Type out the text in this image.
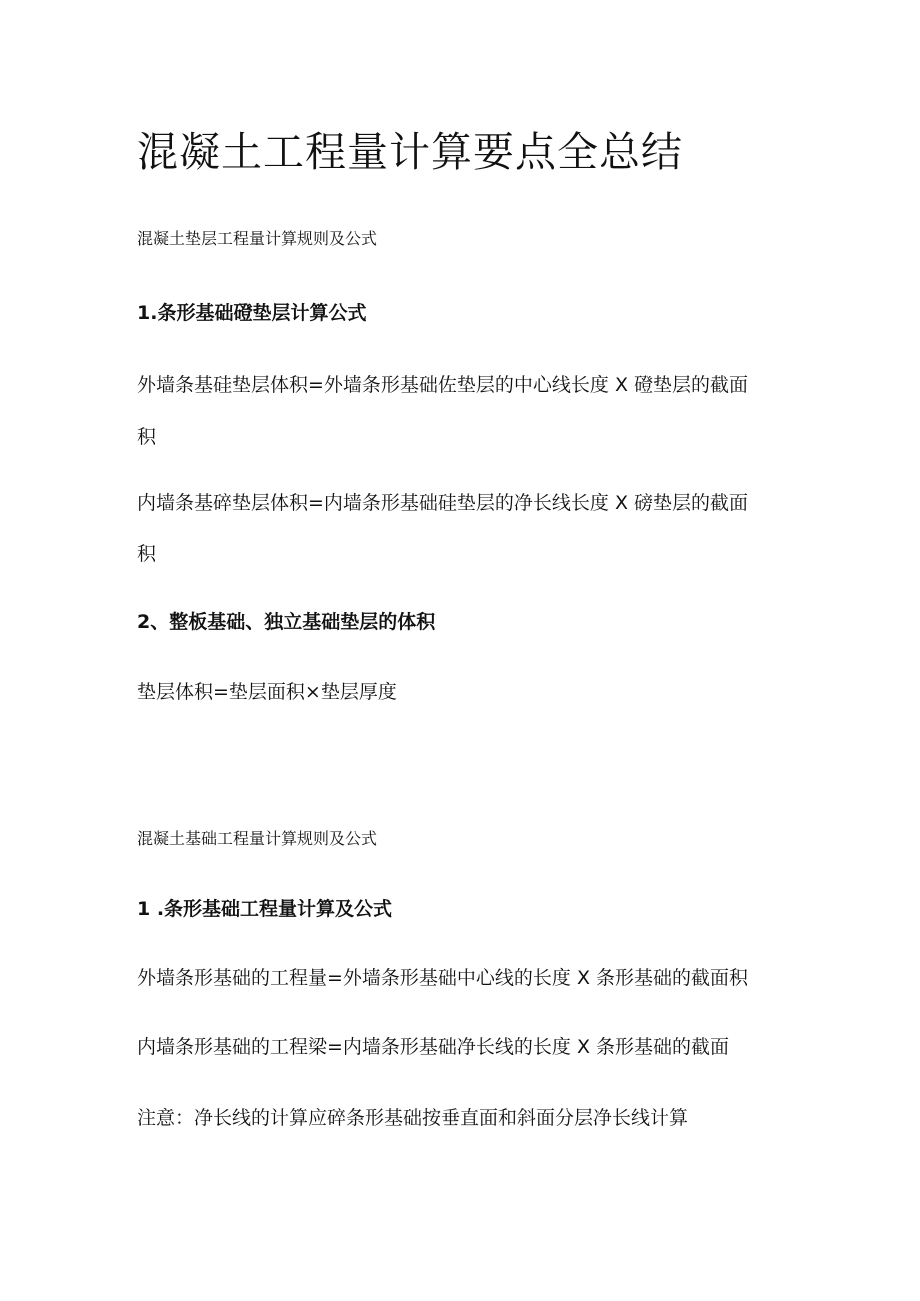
混凝土工程量计算要点全总结
混凝土垫层工程量计算规则及公式
1.条形基础磴垫层计算公式
外墙条基硅垫层体积=外墙条形基础佐垫层的中心线长度 X 磴垫层的截面
积
内墙条基碎垫层体积=内墙条形基础硅垫层的净长线长度 X 磅垫层的截面
积
2、整板基础、独立基础垫层的体积
垫层体积=垫层面积×垫层厚度
混凝土基础工程量计算规则及公式
1 .条形基础工程量计算及公式
外墙条形基础的工程量=外墙条形基础中心线的长度 X 条形基础的截面积
内墙条形基础的工程梁=内墙条形基础净长线的长度 X 条形基础的截面
注意：净长线的计算应碎条形基础按垂直面和斜面分层净长线计算
